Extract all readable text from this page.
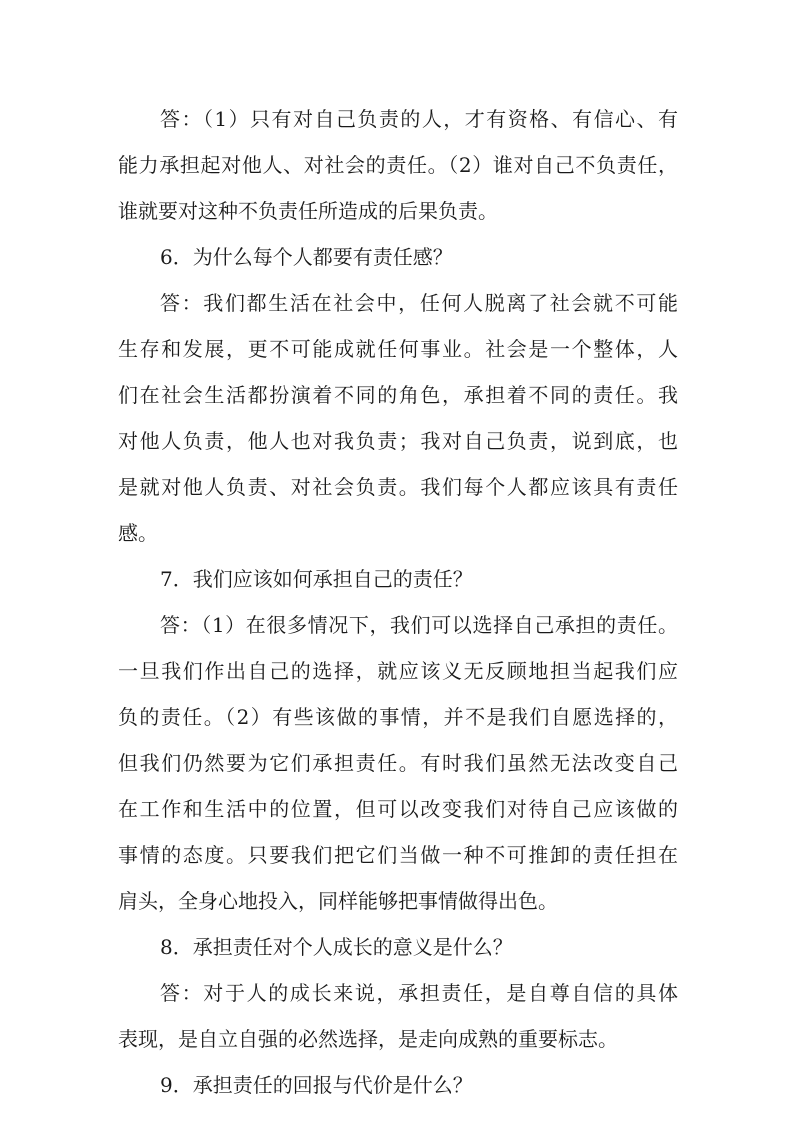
答：（1）只有对自己负责的人，才有资格、有信心、有
能力承担起对他人、对社会的责任。（2）谁对自己不负责任，
谁就要对这种不负责任所造成的后果负责。
6．为什么每个人都要有责任感？
答：我们都生活在社会中，任何人脱离了社会就不可能
生存和发展，更不可能成就任何事业。社会是一个整体，人
们在社会生活都扮演着不同的角色，承担着不同的责任。我
对他人负责，他人也对我负责；我对自己负责，说到底，也
是就对他人负责、对社会负责。我们每个人都应该具有责任
感。
7．我们应该如何承担自己的责任？
答：（1）在很多情况下，我们可以选择自己承担的责任。
一旦我们作出自己的选择，就应该义无反顾地担当起我们应
负的责任。（2）有些该做的事情，并不是我们自愿选择的，
但我们仍然要为它们承担责任。有时我们虽然无法改变自己
在工作和生活中的位置，但可以改变我们对待自己应该做的
事情的态度。只要我们把它们当做一种不可推卸的责任担在
肩头，全身心地投入，同样能够把事情做得出色。
8．承担责任对个人成长的意义是什么？
答：对于人的成长来说，承担责任，是自尊自信的具体
表现，是自立自强的必然选择，是走向成熟的重要标志。
9．承担责任的回报与代价是什么？
